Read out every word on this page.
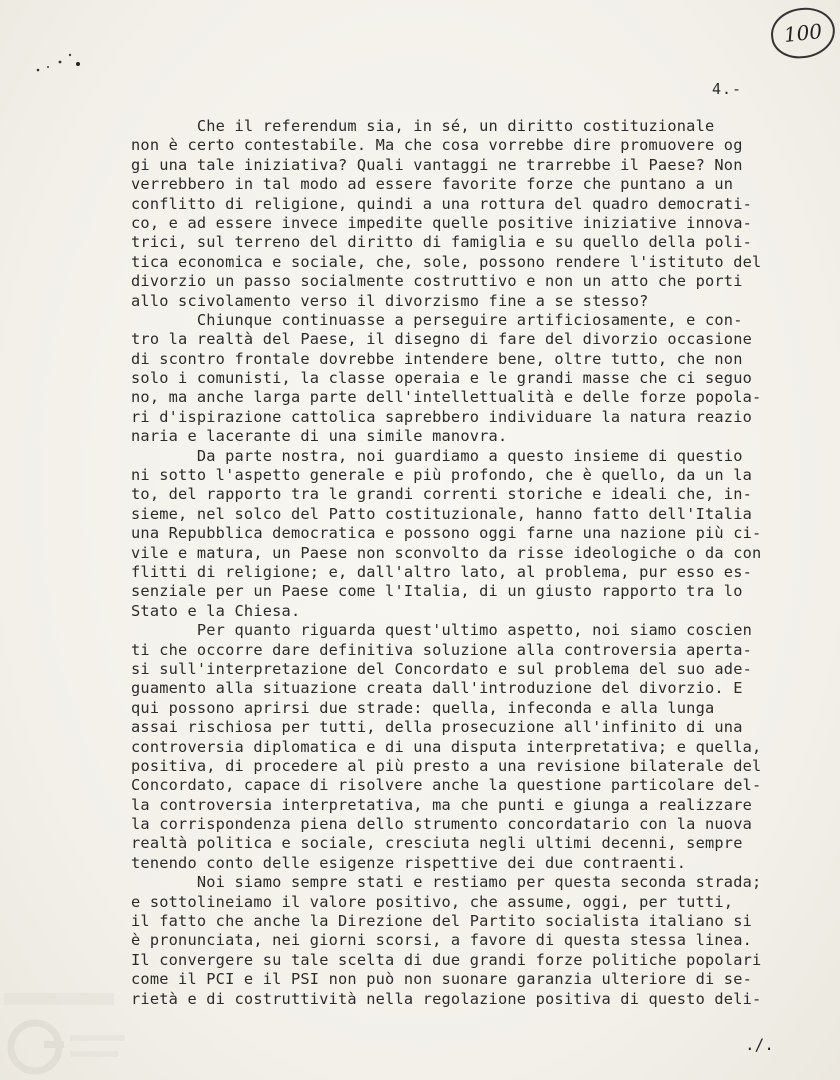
100
4.-
Che il referendum sia, in sé, un diritto costituzionale
non è certo contestabile. Ma che cosa vorrebbe dire promuovere og
gi una tale iniziativa? Quali vantaggi ne trarrebbe il Paese? Non
verrebbero in tal modo ad essere favorite forze che puntano a un
conflitto di religione, quindi a una rottura del quadro democrati-
co, e ad essere invece impedite quelle positive iniziative innova-
trici, sul terreno del diritto di famiglia e su quello della poli-
tica economica e sociale, che, sole, possono rendere l'istituto del
divorzio un passo socialmente costruttivo e non un atto che porti
allo scivolamento verso il divorzismo fine a se stesso?
Chiunque continuasse a perseguire artificiosamente, e con-
tro la realtà del Paese, il disegno di fare del divorzio occasione
di scontro frontale dovrebbe intendere bene, oltre tutto, che non
solo i comunisti, la classe operaia e le grandi masse che ci seguo
no, ma anche larga parte dell'intellettualità e delle forze popola-
ri d'ispirazione cattolica saprebbero individuare la natura reazio
naria e lacerante di una simile manovra.
Da parte nostra, noi guardiamo a questo insieme di questio
ni sotto l'aspetto generale e più profondo, che è quello, da un la
to, del rapporto tra le grandi correnti storiche e ideali che, in-
sieme, nel solco del Patto costituzionale, hanno fatto dell'Italia
una Repubblica democratica e possono oggi farne una nazione più ci-
vile e matura, un Paese non sconvolto da risse ideologiche o da con
flitti di religione; e, dall'altro lato, al problema, pur esso es-
senziale per un Paese come l'Italia, di un giusto rapporto tra lo
Stato e la Chiesa.
Per quanto riguarda quest'ultimo aspetto, noi siamo coscien
ti che occorre dare definitiva soluzione alla controversia aperta-
si sull'interpretazione del Concordato e sul problema del suo ade-
guamento alla situazione creata dall'introduzione del divorzio. E
qui possono aprirsi due strade: quella, infeconda e alla lunga
assai rischiosa per tutti, della prosecuzione all'infinito di una
controversia diplomatica e di una disputa interpretativa; e quella,
positiva, di procedere al più presto a una revisione bilaterale del
Concordato, capace di risolvere anche la questione particolare del-
la controversia interpretativa, ma che punti e giunga a realizzare
la corrispondenza piena dello strumento concordatario con la nuova
realtà politica e sociale, cresciuta negli ultimi decenni, sempre
tenendo conto delle esigenze rispettive dei due contraenti.
Noi siamo sempre stati e restiamo per questa seconda strada;
e sottolineiamo il valore positivo, che assume, oggi, per tutti,
il fatto che anche la Direzione del Partito socialista italiano si
è pronunciata, nei giorni scorsi, a favore di questa stessa linea.
Il convergere su tale scelta di due grandi forze politiche popolari
come il PCI e il PSI non può non suonare garanzia ulteriore di se-
rietà e di costruttività nella regolazione positiva di questo deli-
./.
